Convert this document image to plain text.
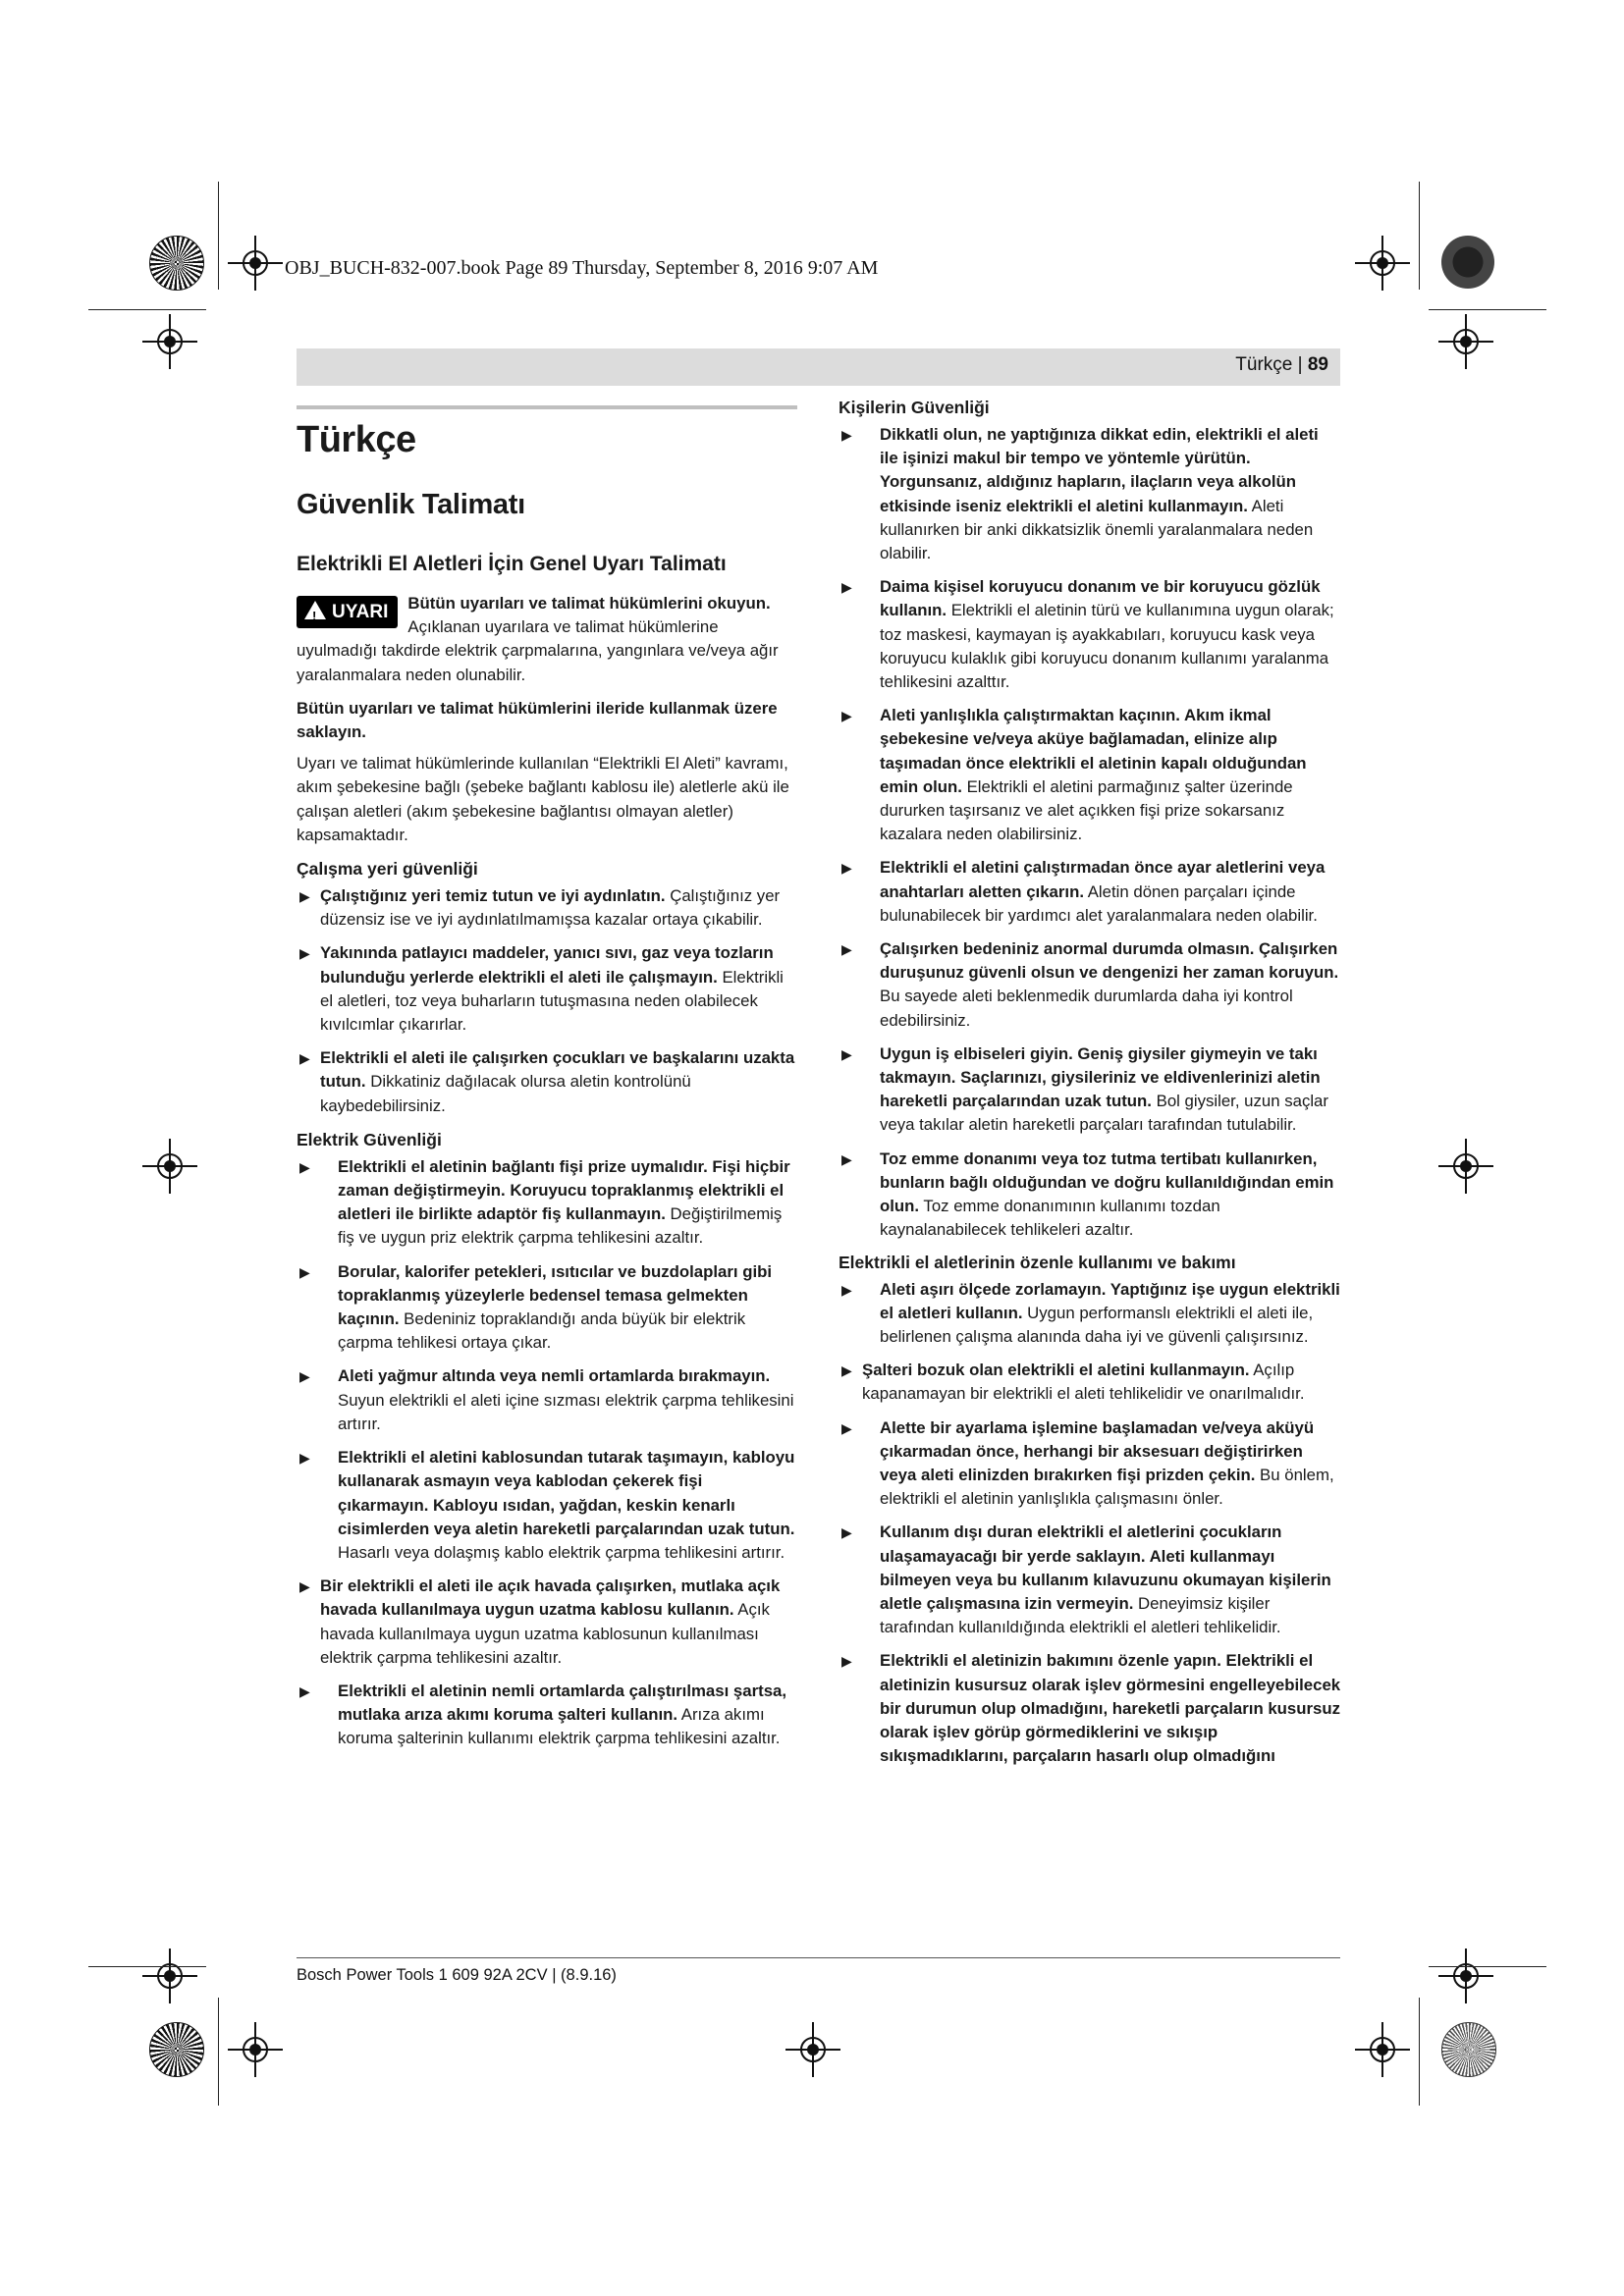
OBJ_BUCH-832-007.book Page 89 Thursday, September 8, 2016 9:07 AM
Türkçe | 89
Türkçe
Güvenlik Talimatı
Elektrikli El Aletleri İçin Genel Uyarı Talimatı
! UYARI	Bütün uyarıları ve talimat hükümlerini okuyun. Açıklanan uyarılara ve talimat hükümlerine uyulmadığı takdirde elektrik çarpmalarına, yangınlara ve/veya ağır yaralanmalara neden olunabilir.

Bütün uyarıları ve talimat hükümlerini ileride kullanmak üzere saklayın.

Uyarı ve talimat hükümlerinde kullanılan “Elektrikli El Aleti” kavramı, akım şebekesine bağlı (şebeke bağlantı kablosu ile) aletlerle akü ile çalışan aletleri (akım şebekesine bağlantısı olmayan aletler) kapsamaktadır.

Çalışma yeri güvenliği
▶ Çalıştığınız yeri temiz tutun ve iyi aydınlatın. Çalıştığınız yer düzensiz ise ve iyi aydınlatılmamışsa kazalar ortaya çıkabilir.
▶ Yakınında patlayıcı maddeler, yanıcı sıvı, gaz veya tozların bulunduğu yerlerde elektrikli el aleti ile çalışmayın. Elektrikli el aletleri, toz veya buharların tutuşmasına neden olabilecek kıvılcımlar çıkarırlar.
▶ Elektrikli el aleti ile çalışırken çocukları ve başkalarını uzakta tutun. Dikkatiniz dağılacak olursa aletin kontrolünü kaybedebilirsiniz.
Elektrik Güvenliği
▶ Elektrikli el aletinin bağlantı fişi prize uymalıdır. Fişi hiçbir zaman değiştirmeyin. Koruyucu topraklanmış elektrikli el aletleri ile birlikte adaptör fiş kullanmayın. Değiştirilmemiş fiş ve uygun priz elektrik çarpma tehlikesini azaltır.
▶ Borular, kalorifer petekleri, ısıtıcılar ve buzdolapları gibi topraklanmış yüzeylerle bedensel temasa gelmekten kaçının. Bedeniniz topraklandığı anda büyük bir elektrik çarpma tehlikesi ortaya çıkar.
▶ Aleti yağmur altında veya nemli ortamlarda bırakmayın. Suyun elektrikli el aleti içine sızması elektrik çarpma tehlikesini artırır.
▶ Elektrikli el aletini kablosundan tutarak taşımayın, kabloyu kullanarak asmayın veya kablodan çekerek fişi çıkarmayın. Kabloyu ısıdan, yağdan, keskin kenarlı cisimlerden veya aletin hareketli parçalarından uzak tutun. Hasarlı veya dolaşmış kablo elektrik çarpma tehlikesini artırır.
▶ Bir elektrikli el aleti ile açık havada çalışırken, mutlaka açık havada kullanılmaya uygun uzatma kablosu kullanın. Açık havada kullanılmaya uygun uzatma kablosunun kullanılması elektrik çarpma tehlikesini azaltır.
▶ Elektrikli el aletinin nemli ortamlarda çalıştırılması şartsa, mutlaka arıza akımı koruma şalteri kullanın. Arıza akımı koruma şalterinin kullanımı elektrik çarpma tehlikesini azaltır.
Kişilerin Güvenliği
▶ Dikkatli olun, ne yaptığınıza dikkat edin, elektrikli el aleti ile işinizi makul bir tempo ve yöntemle yürütün. Yorgunsanız, aldığınız hapların, ilaçların veya alkolün etkisinde iseniz elektrikli el aletini kullanmayın. Aleti kullanırken bir anki dikkatsizlik önemli yaralanmalara neden olabilir.
▶ Daima kişisel koruyucu donanım ve bir koruyucu gözlük kullanın. Elektrikli el aletinin türü ve kullanımına uygun olarak; toz maskesi, kaymayan iş ayakkabıları, koruyucu kask veya koruyucu kulaklık gibi koruyucu donanım kullanımı yaralanma tehlikesini azalttır.
▶ Aleti yanlışlıkla çalıştırmaktan kaçının. Akım ikmal şebekesine ve/veya aküye bağlamadan, elinize alıp taşımadan önce elektrikli el aletinin kapalı olduğundan emin olun. Elektrikli el aletini parmağınız şalter üzerinde dururken taşırsanız ve alet açıkken fişi prize sokarsanız kazalara neden olabilirsiniz.
▶ Elektrikli el aletini çalıştırmadan önce ayar aletlerini veya anahtarları aletten çıkarın. Aletin dönen parçaları içinde bulunabilecek bir yardımcı alet yaralanmalara neden olabilir.
▶ Çalışırken bedeniniz anormal durumda olmasın. Çalışırken duruşunuz güvenli olsun ve dengenizi her zaman koruyun. Bu sayede aleti beklenmedik durumlarda daha iyi kontrol edebilirsiniz.
▶ Uygun iş elbiseleri giyin. Geniş giysiler giymeyin ve takı takmayın. Saçlarınızı, giysileriniz ve eldivenlerinizi aletin hareketli parçalarından uzak tutun. Bol giysiler, uzun saçlar veya takılar aletin hareketli parçaları tarafından tutulabilir.
▶ Toz emme donanımı veya toz tutma tertibatı kullanırken, bunların bağlı olduğundan ve doğru kullanıldığından emin olun. Toz emme donanımının kullanımı tozdan kaynalanabilecek tehlikeleri azaltır.
Elektrikli el aletlerinin özenle kullanımı ve bakımı
▶ Aleti aşırı ölçede zorlamayın. Yaptığınız işe uygun elektrikli el aletleri kullanın. Uygun performanslı elektrikli el aleti ile, belirlenen çalışma alanında daha iyi ve güvenli çalışırsınız.
▶ Şalteri bozuk olan elektrikli el aletini kullanmayın. Açılıp kapanamayan bir elektrikli el aleti tehlikelidir ve onarılmalıdır.
▶ Alette bir ayarlama işlemine başlamadan ve/veya aküyü çıkarmadan önce, herhangi bir aksesuarı değiştirirken veya aleti elinizden bırakırken fişi prizden çekin. Bu önlem, elektrikli el aletinin yanlışlıkla çalışmasını önler.
▶ Kullanım dışı duran elektrikli el aletlerini çocukların ulaşamayacağı bir yerde saklayın. Aleti kullanmayı bilmeyen veya bu kullanım kılavuzunu okumayan kişilerin aletle çalışmasına izin vermeyin. Deneyimsiz kişiler tarafından kullanıldığında elektrikli el aletleri tehlikelidir.
▶ Elektrikli el aletinizin bakımını özenle yapın. Elektrikli el aletinizin kusursuz olarak işlev görmesini engelleyebilecek bir durumun olup olmadığını, hareketli parçaların kusursuz olarak işlev görüp görmediklerini ve sıkışıp sıkışmadıklarını, parçaların hasarlı olup olmadığını
Bosch Power Tools 1 609 92A 2CV | (8.9.16)
